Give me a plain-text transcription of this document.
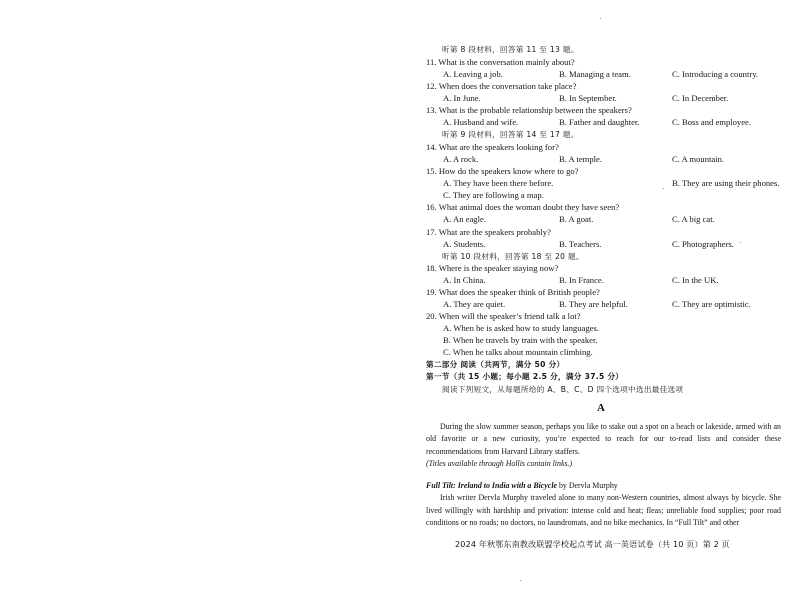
听第 8 段材料，回答第 11 至 13 题。
11. What is the conversation mainly about?
A. Leaving a job.	B. Managing a team.	C. Introducing a country.
12. When does the conversation take place?
A. In June.	B. In September.	C. In December.
13. What is the probable relationship between the speakers?
A. Husband and wife.	B. Father and daughter.	C. Boss and employee.
听第 9 段材料，回答第 14 至 17 题。
14. What are the speakers looking for?
A. A rock.	B. A temple.	C. A mountain.
15. How do the speakers know where to go?
A. They have been there before.	B. They are using their phones.
C. They are following a map.
16. What animal does the woman doubt they have seen?
A. An eagle.	B. A goat.	C. A big cat.
17. What are the speakers probably?
A. Students.	B. Teachers.	C. Photographers.
听第 10 段材料，回答第 18 至 20 题。
18. Where is the speaker staying now?
A. In China.	B. In France.	C. In the UK.
19. What does the speaker think of British people?
A. They are quiet.	B. They are helpful.	C. They are optimistic.
20. When will the speaker’s friend talk a lot?
A. When he is asked how to study languages.
B. When he travels by train with the speaker.
C. When he talks about mountain climbing.
第二部分 阅读（共两节，满分 50 分）
第一节（共 15 小题；每小题 2.5 分，满分 37.5 分）
阅读下列短文，从每题所给的 A、B、C、D 四个选项中选出最佳选项
A
During the slow summer season, perhaps you like to stake out a spot on a beach or lakeside, armed with an old favorite or a new curiosity, you’re expected to reach for our to-read lists and consider these recommendations from Harvard Library staffers.
(Titles available through Hollis contain links.)
Full Tilt: Ireland to India with a Bicycle by Dervla Murphy
Irish writer Dervla Murphy traveled alone to many non-Western countries, almost always by bicycle. She lived willingly with hardship and privation: intense cold and heat; fleas; unreliable food supplies; poor road conditions or no roads; no doctors, no laundromats, and no bike mechanics. In “Full Tilt” and other
2024 年秋鄂东南教改联盟学校起点考试 高一英语试卷（共 10 页）第 2 页
